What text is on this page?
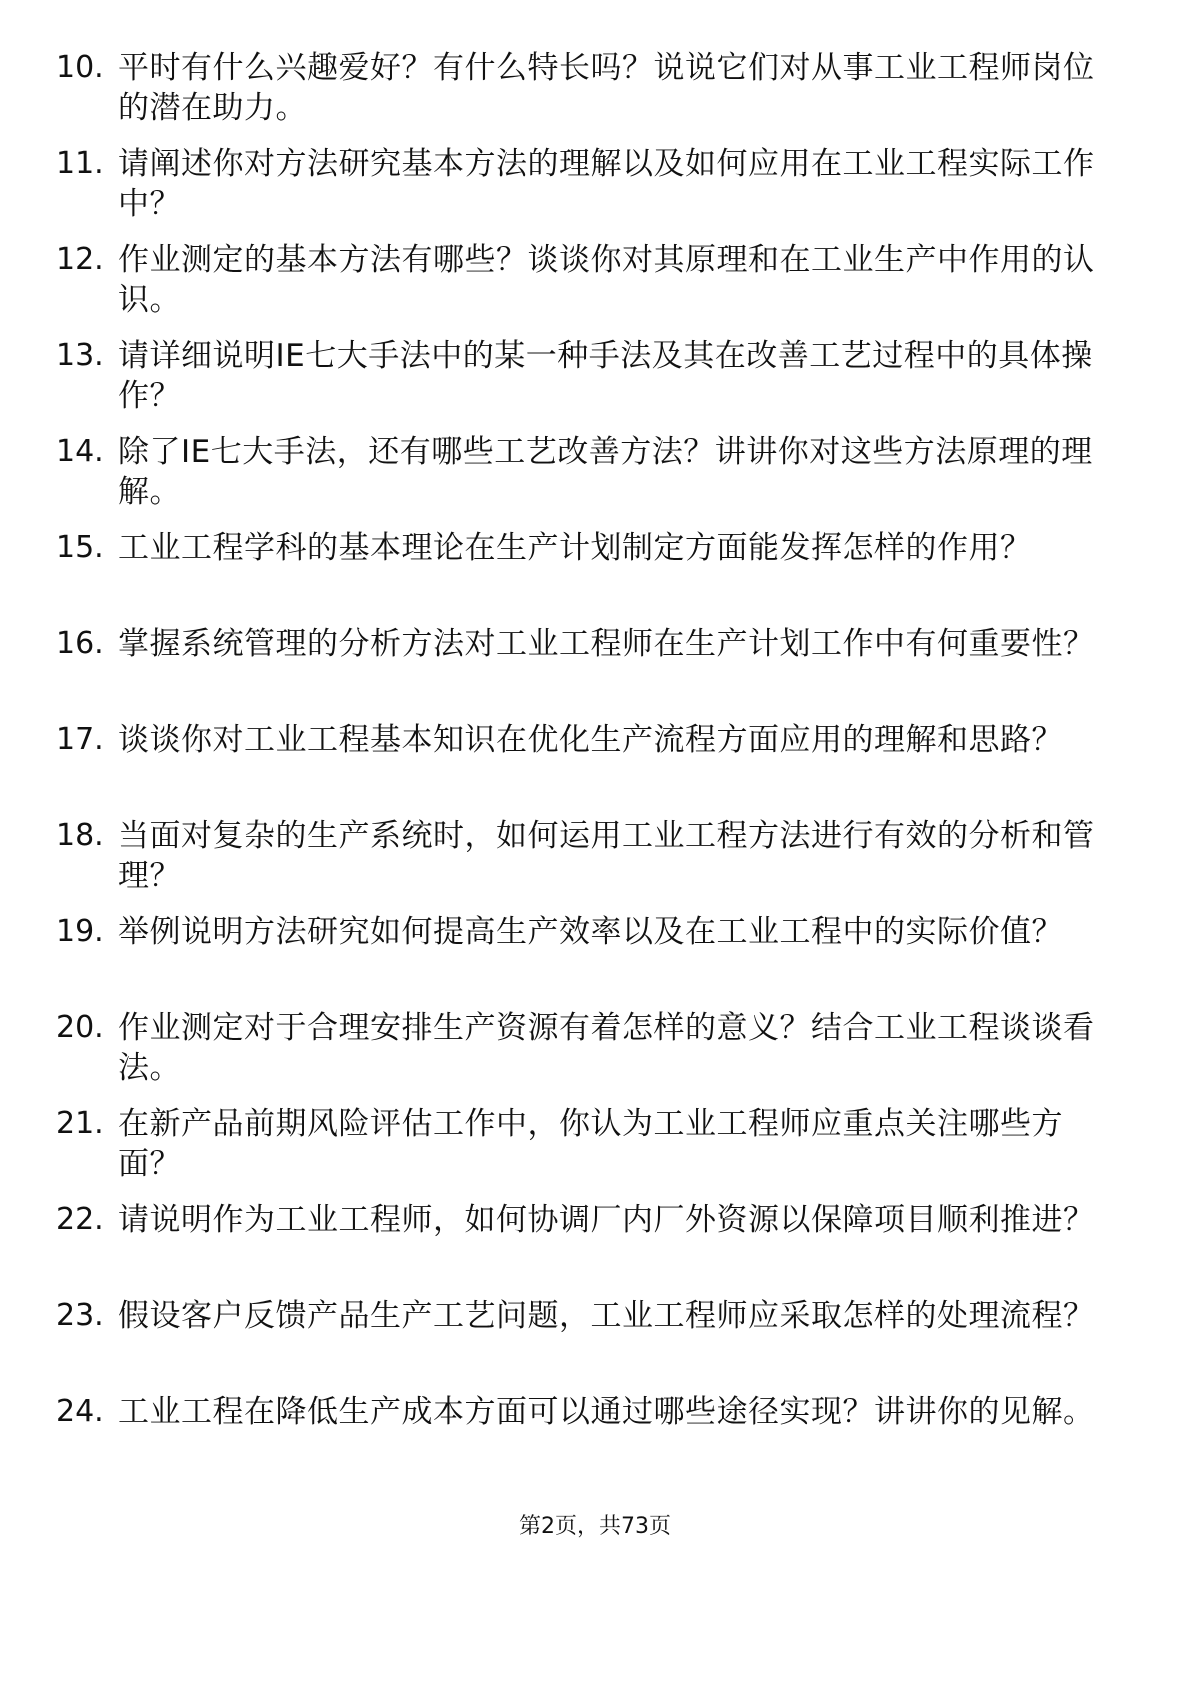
10. 平时有什么兴趣爱好？有什么特长吗？说说它们对从事工业工程师岗位的潜在助力。
11. 请阐述你对方法研究基本方法的理解以及如何应用在工业工程实际工作中？
12. 作业测定的基本方法有哪些？谈谈你对其原理和在工业生产中作用的认识。
13. 请详细说明IE七大手法中的某一种手法及其在改善工艺过程中的具体操作？
14. 除了IE七大手法，还有哪些工艺改善方法？讲讲你对这些方法原理的理解。
15. 工业工程学科的基本理论在生产计划制定方面能发挥怎样的作用？
16. 掌握系统管理的分析方法对工业工程师在生产计划工作中有何重要性？
17. 谈谈你对工业工程基本知识在优化生产流程方面应用的理解和思路？
18. 当面对复杂的生产系统时，如何运用工业工程方法进行有效的分析和管理？
19. 举例说明方法研究如何提高生产效率以及在工业工程中的实际价值？
20. 作业测定对于合理安排生产资源有着怎样的意义？结合工业工程谈谈看法。
21. 在新产品前期风险评估工作中，你认为工业工程师应重点关注哪些方面？
22. 请说明作为工业工程师，如何协调厂内厂外资源以保障项目顺利推进？
23. 假设客户反馈产品生产工艺问题，工业工程师应采取怎样的处理流程？
24. 工业工程在降低生产成本方面可以通过哪些途径实现？讲讲你的见解。
第2页，共73页
